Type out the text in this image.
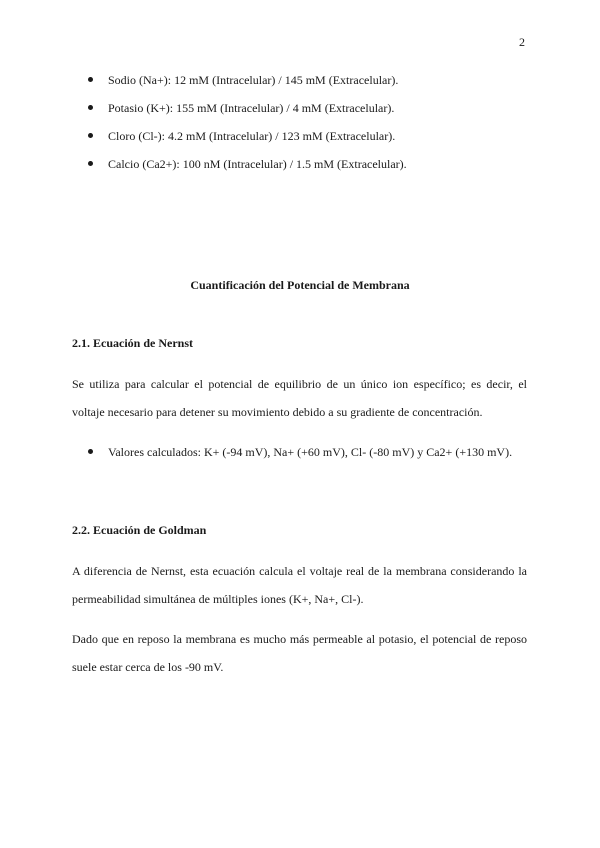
2
Sodio (Na+): 12 mM (Intracelular) / 145 mM (Extracelular).
Potasio (K+): 155 mM (Intracelular) / 4 mM (Extracelular).
Cloro (Cl-): 4.2 mM (Intracelular) / 123 mM (Extracelular).
Calcio (Ca2+): 100 nM (Intracelular) / 1.5 mM (Extracelular).
Cuantificación del Potencial de Membrana
2.1. Ecuación de Nernst
Se utiliza para calcular el potencial de equilibrio de un único ion específico; es decir, el
voltaje necesario para detener su movimiento debido a su gradiente de concentración.
Valores calculados: K+ (-94 mV), Na+ (+60 mV), Cl- (-80 mV) y Ca2+ (+130 mV).
2.2. Ecuación de Goldman
A diferencia de Nernst, esta ecuación calcula el voltaje real de la membrana considerando la
permeabilidad simultánea de múltiples iones (K+, Na+, Cl-).
Dado que en reposo la membrana es mucho más permeable al potasio, el potencial de reposo
suele estar cerca de los -90 mV.
